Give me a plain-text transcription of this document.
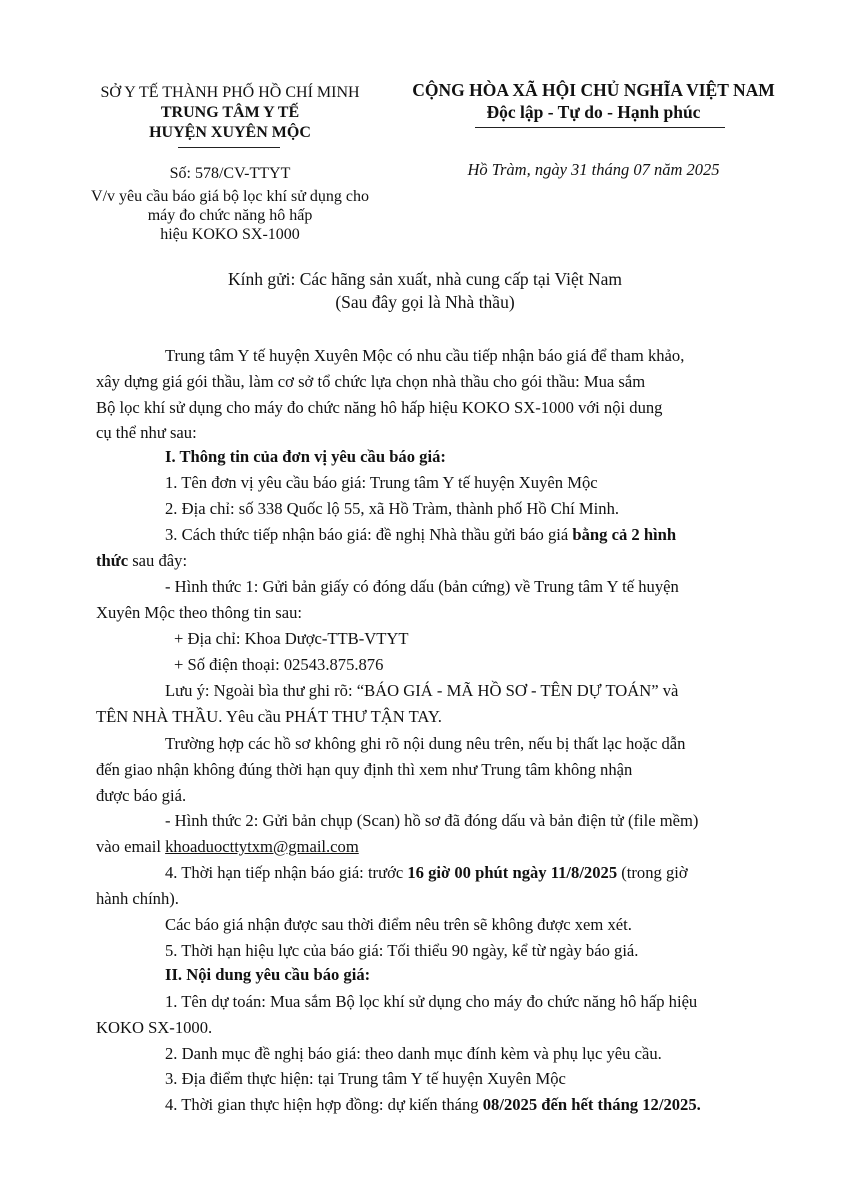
SỞ Y TẾ THÀNH PHỐ HỒ CHÍ MINH
TRUNG TÂM Y TẾ
HUYỆN XUYÊN MỘC
CỘNG HÒA XÃ HỘI CHỦ NGHĨA VIỆT NAM
Độc lập - Tự do - Hạnh phúc
Số: 578/CV-TTYT
V/v yêu cầu báo giá bộ lọc khí sử dụng cho
máy đo chức năng hô hấp
hiệu KOKO SX-1000
Hồ Tràm, ngày 31 tháng 07 năm 2025
Kính gửi: Các hãng sản xuất, nhà cung cấp tại Việt Nam
(Sau đây gọi là Nhà thầu)
Trung tâm Y tế huyện Xuyên Mộc có nhu cầu tiếp nhận báo giá để tham khảo,
xây dựng giá gói thầu, làm cơ sở tổ chức lựa chọn nhà thầu cho gói thầu: Mua sắm
Bộ lọc khí sử dụng cho máy đo chức năng hô hấp hiệu KOKO SX-1000 với nội dung
cụ thể như sau:
I. Thông tin của đơn vị yêu cầu báo giá:
1. Tên đơn vị yêu cầu báo giá: Trung tâm Y tế huyện Xuyên Mộc
2. Địa chỉ: số 338 Quốc lộ 55, xã Hồ Tràm, thành phố Hồ Chí Minh.
3. Cách thức tiếp nhận báo giá: đề nghị Nhà thầu gửi báo giá bằng cả 2 hình
thức sau đây:
- Hình thức 1: Gửi bản giấy có đóng dấu (bản cứng) về Trung tâm Y tế huyện
Xuyên Mộc theo thông tin sau:
+ Địa chỉ: Khoa Dược-TTB-VTYT
+ Số điện thoại: 02543.875.876
Lưu ý: Ngoài bìa thư ghi rõ: “BÁO GIÁ - MÃ HỒ SƠ - TÊN DỰ TOÁN” và
TÊN NHÀ THẦU. Yêu cầu PHÁT THƯ TẬN TAY.
Trường hợp các hồ sơ không ghi rõ nội dung nêu trên, nếu bị thất lạc hoặc dẫn
đến giao nhận không đúng thời hạn quy định thì xem như Trung tâm không nhận
được báo giá.
- Hình thức 2: Gửi bản chụp (Scan) hồ sơ đã đóng dấu và bản điện tử (file mềm)
vào email khoaduocttytxm@gmail.com
4. Thời hạn tiếp nhận báo giá: trước 16 giờ 00 phút ngày 11/8/2025 (trong giờ
hành chính).
Các báo giá nhận được sau thời điểm nêu trên sẽ không được xem xét.
5. Thời hạn hiệu lực của báo giá: Tối thiểu 90 ngày, kể từ ngày báo giá.
II. Nội dung yêu cầu báo giá:
1. Tên dự toán: Mua sắm Bộ lọc khí sử dụng cho máy đo chức năng hô hấp hiệu
KOKO SX-1000.
2. Danh mục đề nghị báo giá: theo danh mục đính kèm và phụ lục yêu cầu.
3. Địa điểm thực hiện: tại Trung tâm Y tế huyện Xuyên Mộc
4. Thời gian thực hiện hợp đồng: dự kiến tháng 08/2025 đến hết tháng 12/2025.
